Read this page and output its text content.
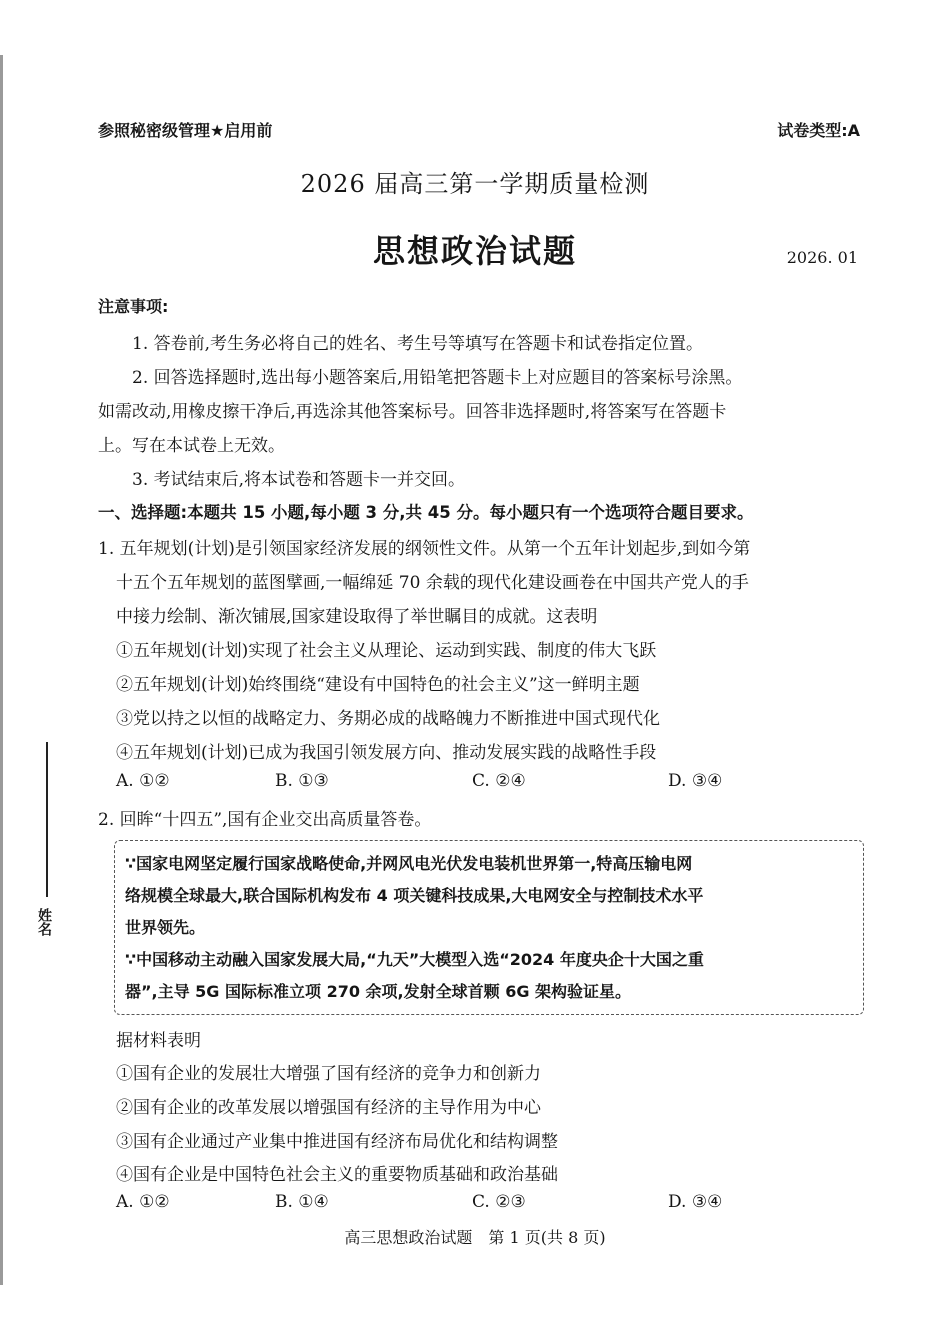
参照秘密级管理★启用前	试卷类型:A
2026 届高三第一学期质量检测
思想政治试题	2026. 01
注意事项:
1. 答卷前,考生务必将自己的姓名、考生号等填写在答题卡和试卷指定位置。
2. 回答选择题时,选出每小题答案后,用铅笔把答题卡上对应题目的答案标号涂黑。
如需改动,用橡皮擦干净后,再选涂其他答案标号。回答非选择题时,将答案写在答题卡
上。写在本试卷上无效。
3. 考试结束后,将本试卷和答题卡一并交回。
一、选择题:本题共 15 小题,每小题 3 分,共 45 分。每小题只有一个选项符合题目要求。
1. 五年规划(计划)是引领国家经济发展的纲领性文件。从第一个五年计划起步,到如今第
十五个五年规划的蓝图擘画,一幅绵延 70 余载的现代化建设画卷在中国共产党人的手
中接力绘制、渐次铺展,国家建设取得了举世瞩目的成就。这表明
①五年规划(计划)实现了社会主义从理论、运动到实践、制度的伟大飞跃
②五年规划(计划)始终围绕“建设有中国特色的社会主义”这一鲜明主题
③党以持之以恒的战略定力、务期必成的战略魄力不断推进中国式现代化
④五年规划(计划)已成为我国引领发展方向、推动发展实践的战略性手段
A. ①②	B. ①③	C. ②④	D. ③④
2. 回眸“十四五”,国有企业交出高质量答卷。
∵国家电网坚定履行国家战略使命,并网风电光伏发电装机世界第一,特高压输电网
络规模全球最大,联合国际机构发布 4 项关键科技成果,大电网安全与控制技术水平
世界领先。
∵中国移动主动融入国家发展大局,“九天”大模型入选“2024 年度央企十大国之重
器”,主导 5G 国际标准立项 270 余项,发射全球首颗 6G 架构验证星。
据材料表明
①国有企业的发展壮大增强了国有经济的竞争力和创新力
②国有企业的改革发展以增强国有经济的主导作用为中心
③国有企业通过产业集中推进国有经济布局优化和结构调整
④国有企业是中国特色社会主义的重要物质基础和政治基础
A. ①②	B. ①④	C. ②③	D. ③④
姓名
高三思想政治试题　第 1 页(共 8 页)
